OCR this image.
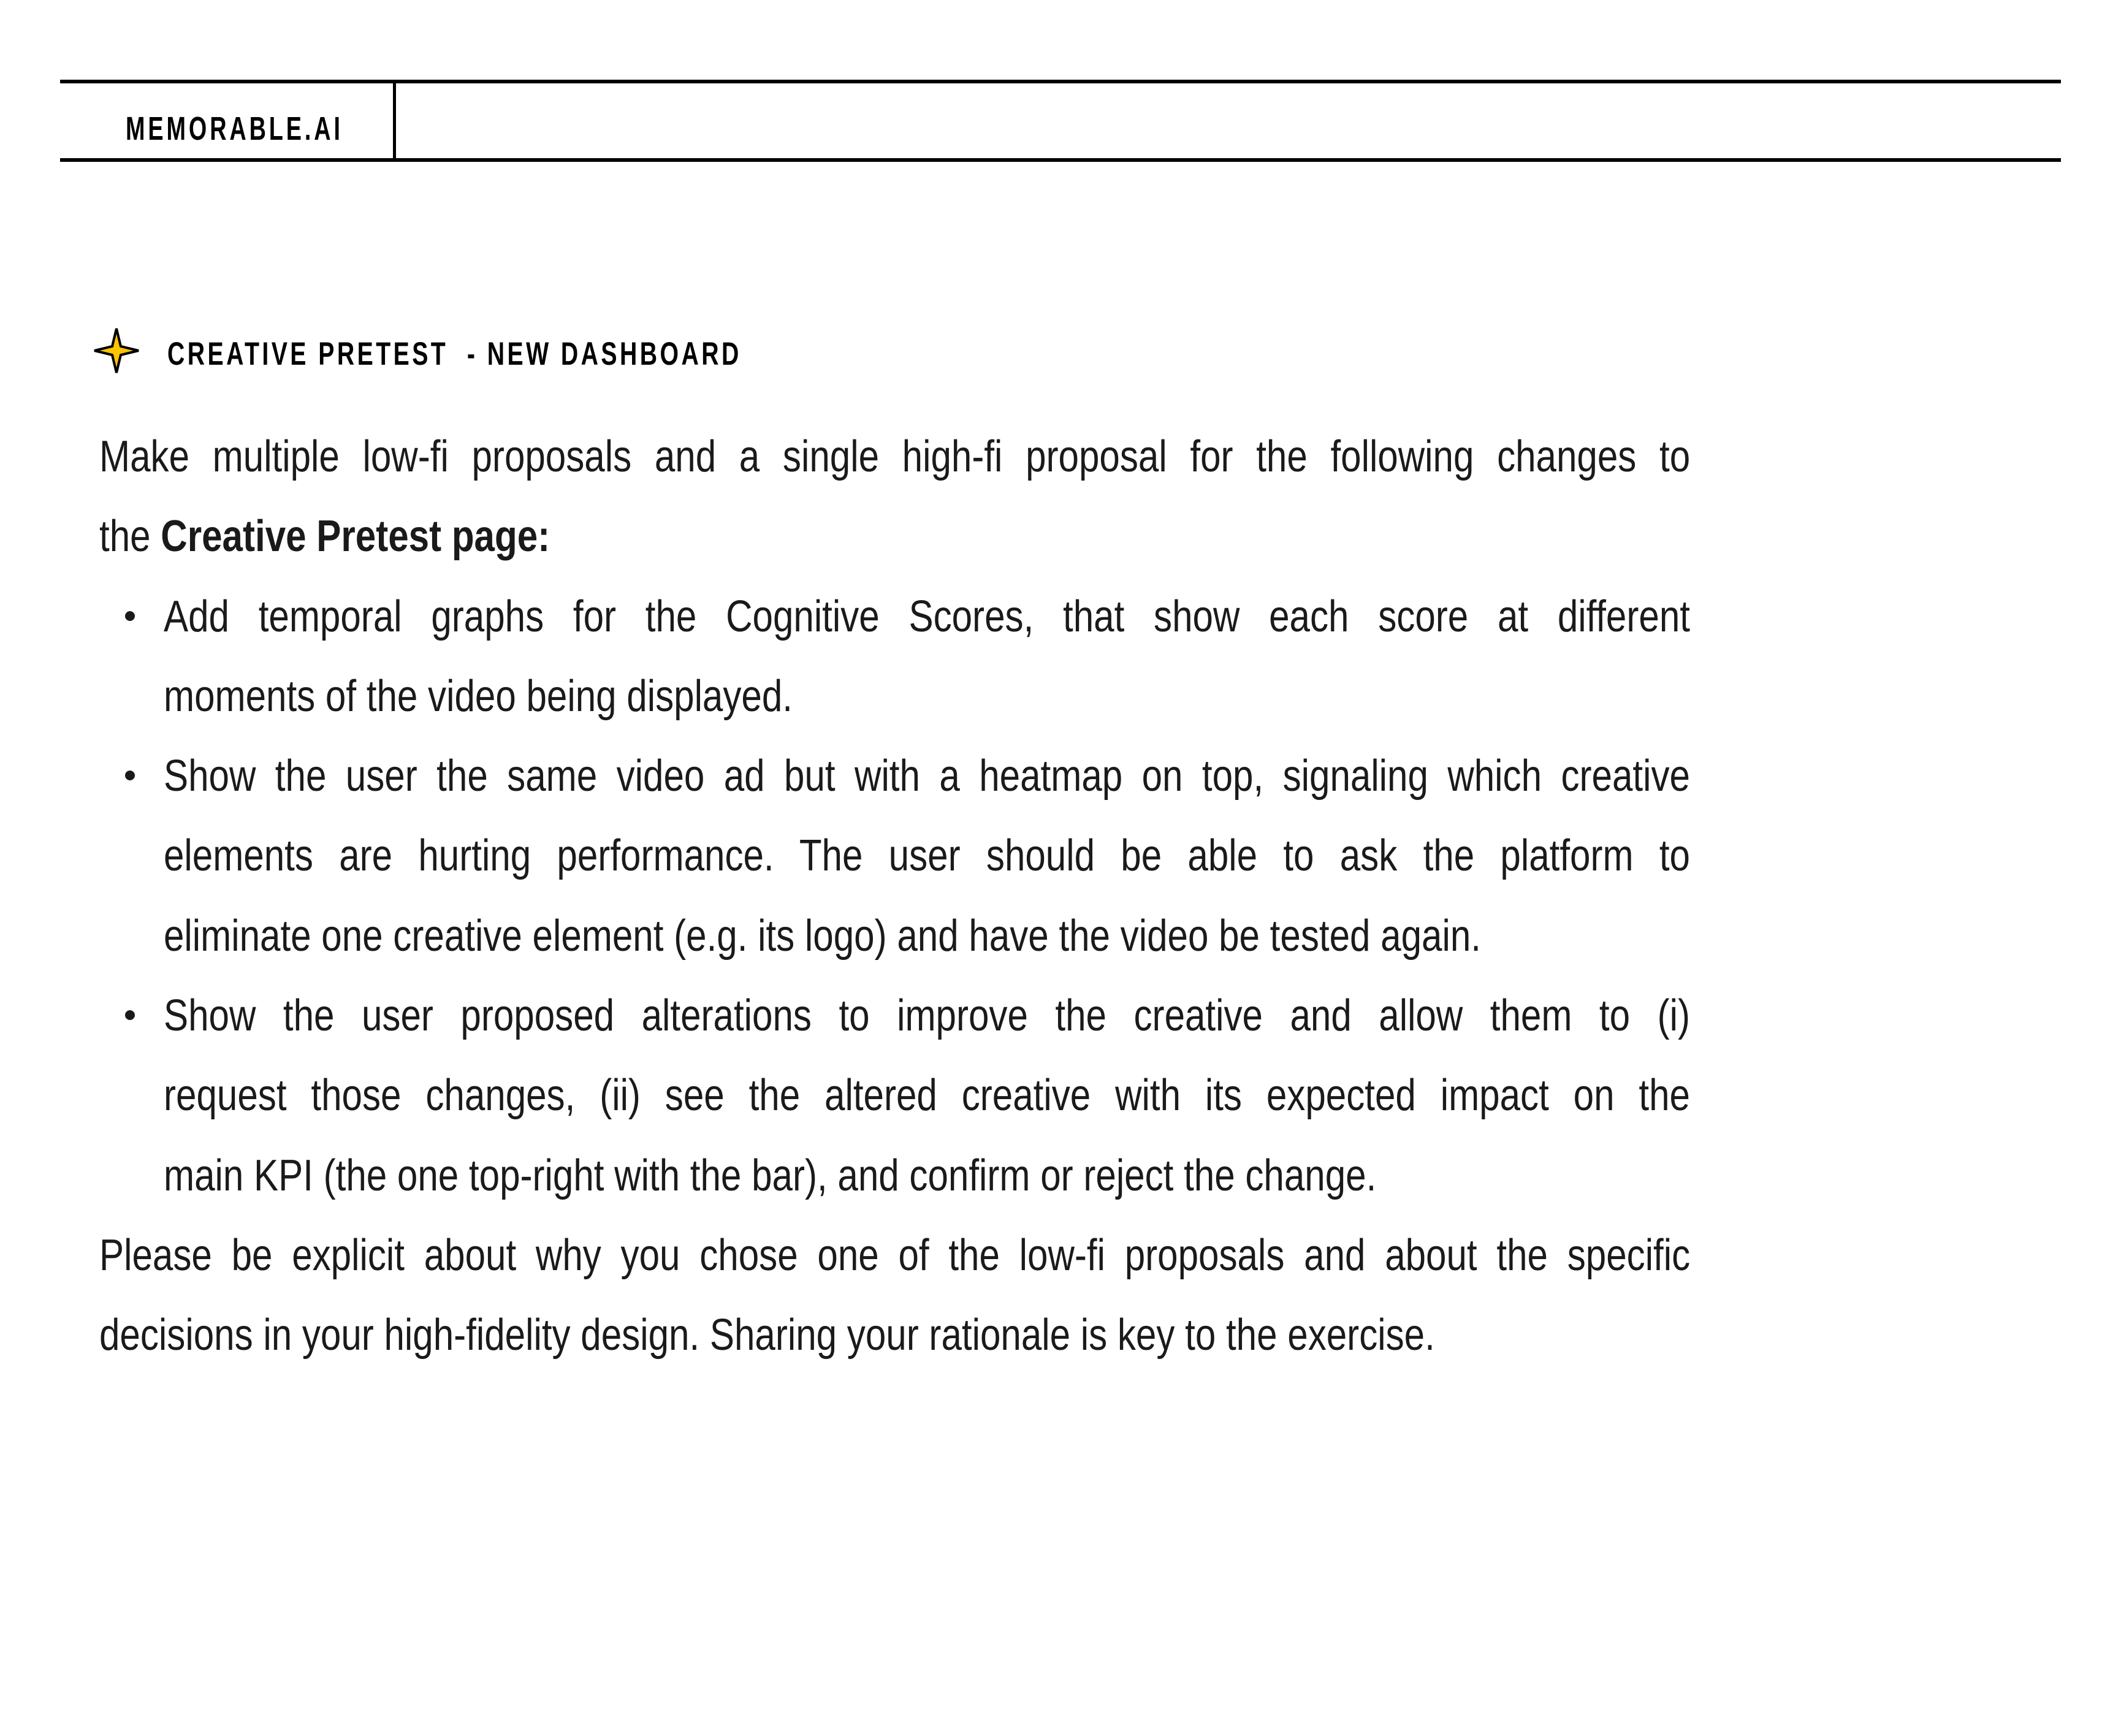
MEMORABLE.AI
CREATIVE PRETEST  - NEW DASHBOARD
Make multiple low-fi proposals and a single high-fi proposal for the following changes to
the Creative Pretest page:
Add temporal graphs for the Cognitive Scores, that show each score at different
moments of the video being displayed.
Show the user the same video ad but with a heatmap on top, signaling which creative
elements are hurting performance. The user should be able to ask the platform to
eliminate one creative element (e.g. its logo) and have the video be tested again.
Show the user proposed alterations to improve the creative and allow them to (i)
request those changes, (ii) see the altered creative with its expected impact on the
main KPI (the one top-right with the bar), and confirm or reject the change.
Please be explicit about why you chose one of the low-fi proposals and about the specific
decisions in your high-fidelity design. Sharing your rationale is key to the exercise.
